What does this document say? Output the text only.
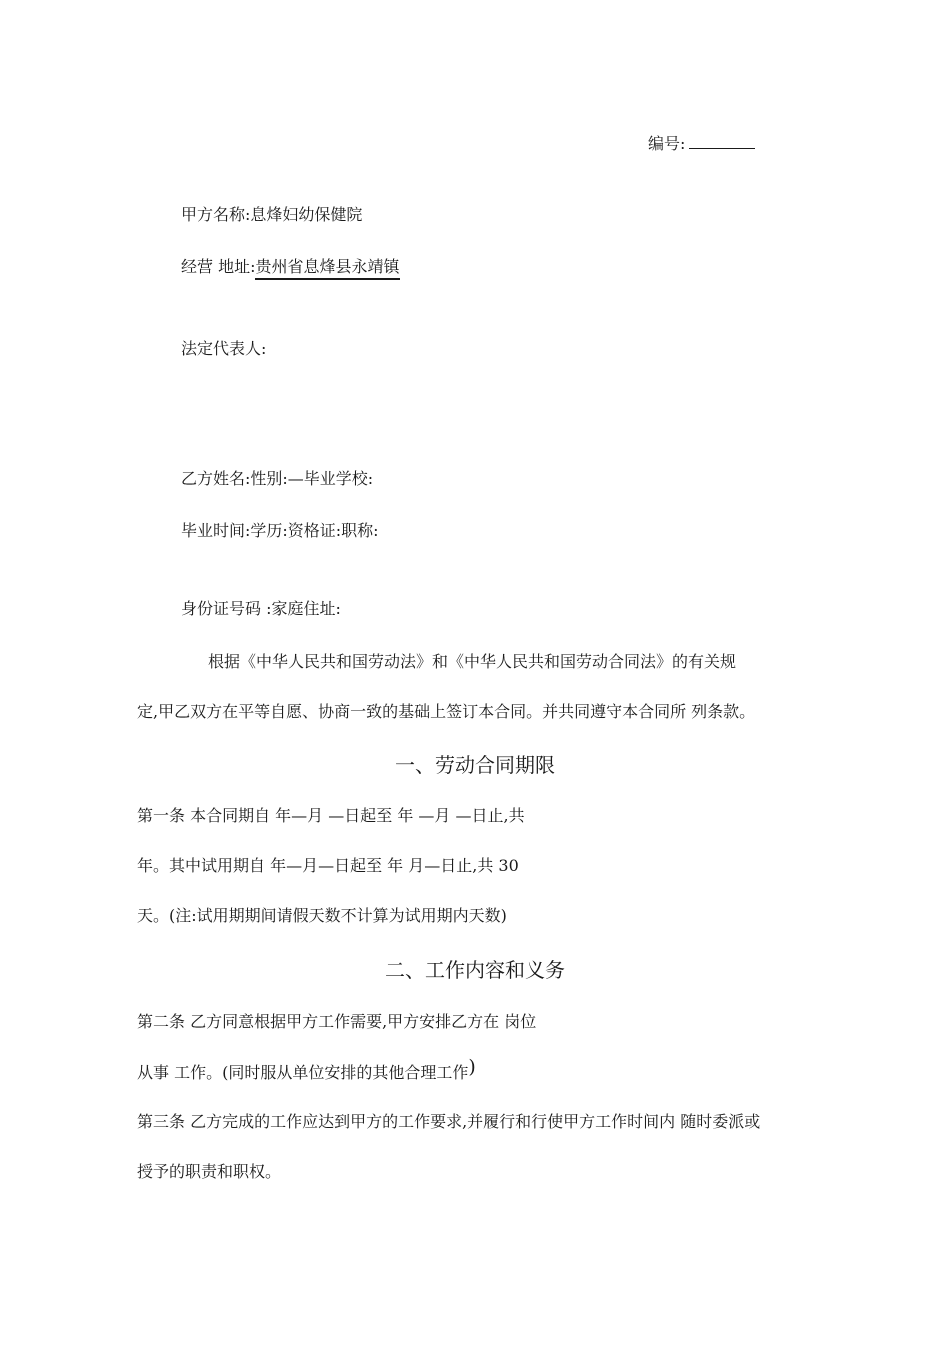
编号:
甲方名称:息烽妇幼保健院
经营 地址:贵州省息烽县永靖镇
法定代表人:
乙方姓名:性别:—毕业学校:
毕业时间:学历:资格证:职称:
身份证号码 :家庭住址:
根据《中华人民共和国劳动法》和《中华人民共和国劳动合同法》的有关规
定,甲乙双方在平等自愿、协商一致的基础上签订本合同。并共同遵守本合同所 列条款。
一、劳动合同期限
第一条 本合同期自 年—月 —日起至 年 —月 —日止,共
年。其中试用期自 年—月—日起至 年 月—日止,共 30
天。(注:试用期期间请假天数不计算为试用期内天数)
二、工作内容和义务
第二条 乙方同意根据甲方工作需要,甲方安排乙方在 岗位
从事 工作。(同时服从单位安排的其他合理工作)
第三条 乙方完成的工作应达到甲方的工作要求,并履行和行使甲方工作时间内 随时委派或
授予的职责和职权。
